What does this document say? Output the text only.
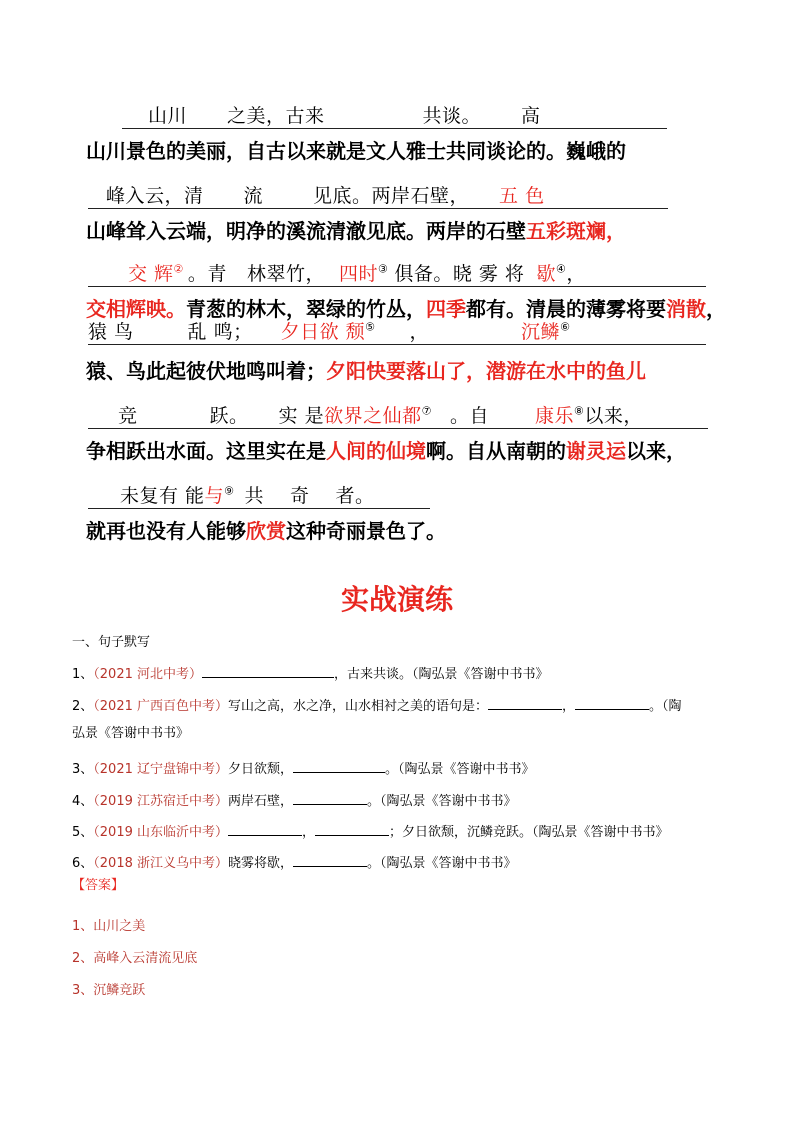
山川 之美，古来	共谈。 高
山川景色的美丽，自古以来就是文人雅士共同谈论的。巍峨的
峰入云，清 流	见底。两岸石壁， 五 色
山峰耸入云端，明净的溪流清澈见底。两岸的石壁五彩斑斓，
交 辉② 。青 林翠竹， 四时③ 俱备。晓 雾 将 歇④，
交相辉映。青葱的林木，翠绿的竹丛，四季都有。清晨的薄雾将要消散，
猿 鸟	乱 鸣； 夕日欲 颓⑤ ，	沉鳞⑥
猿、鸟此起彼伏地鸣叫着；夕阳快要落山了，潜游在水中的鱼儿
竞	跃。 实 是欲界之仙都⑦ 。自 康乐⑧以来，
争相跃出水面。这里实在是人间的仙境啊。自从南朝的谢灵运以来，
未复有 能与⑨ 共 奇 者。
就再也没有人能够欣赏这种奇丽景色了。
实战演练
一、句子默写
1、（2021 河北中考）	，古来共谈。（陶弘景《答谢中书书》
2、（2021 广西百色中考）写山之高，水之净，山水相衬之美的语句是：	，	。（陶
弘景《答谢中书书》
3、（2021 辽宁盘锦中考）夕日欲颓，	。（陶弘景《答谢中书书》
4、（2019 江苏宿迁中考）两岸石壁，	。（陶弘景《答谢中书书》
5、（2019 山东临沂中考）	，	；夕日欲颓，沉鳞竞跃。（陶弘景《答谢中书书》
6、（2018 浙江义乌中考）晓雾将歇，	。（陶弘景《答谢中书书》
【答案】
1、山川之美
2、高峰入云清流见底
3、沉鳞竞跃
